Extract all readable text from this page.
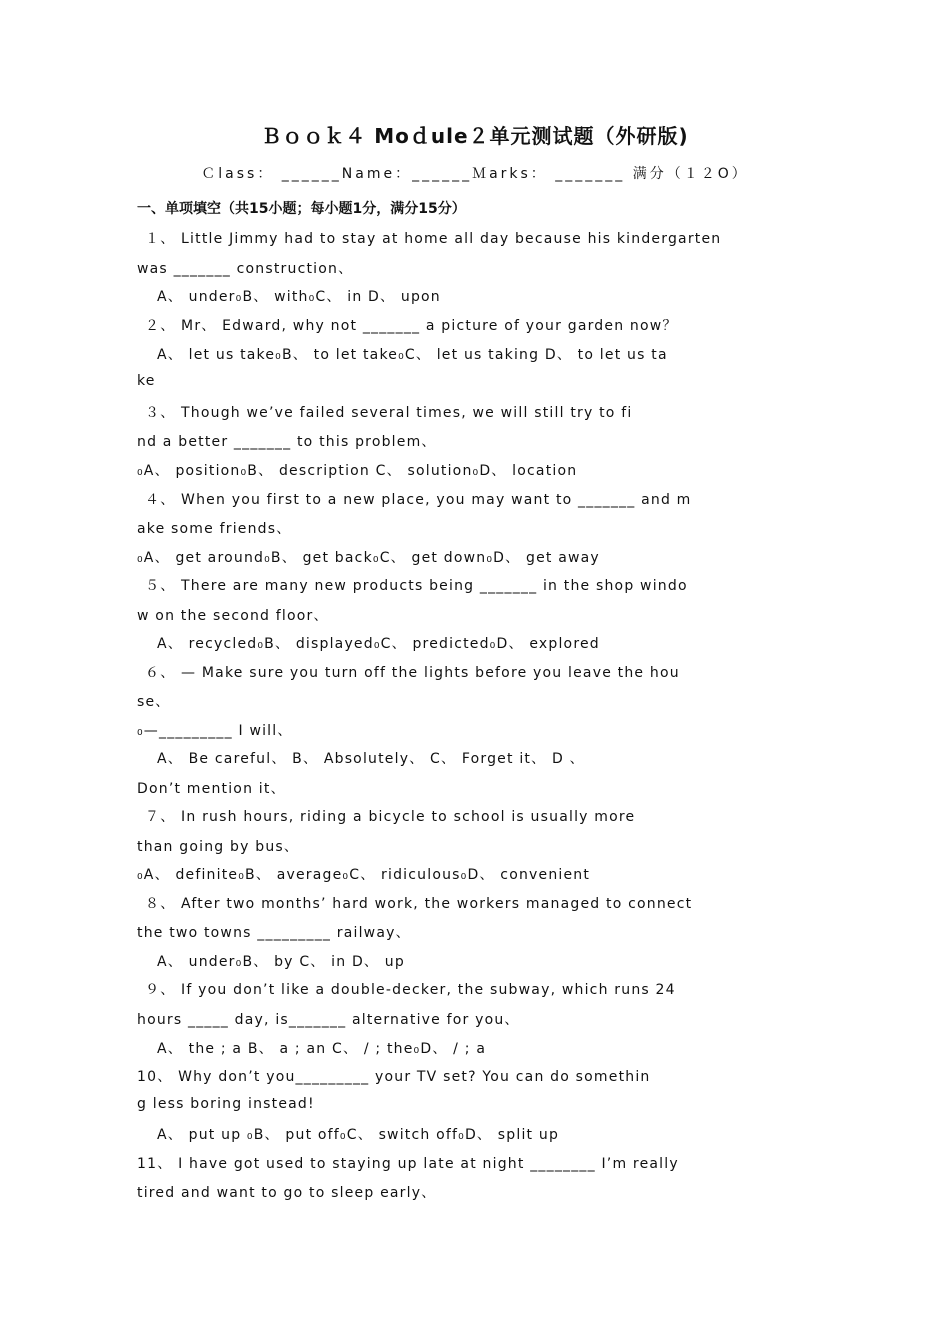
Ｂｏｏｋ４ Moｄule２单元测试题（外研版)
Ｃlass： ______Name：______Ｍarks： _______ 满分（１２O）
一、单项填空（共15小题；每小题1分，满分15分）
１、 Little Jimmy had to stay at home all day because his kindergarten
was _______ construction、
A、 under₀B、 with₀C、 in D、 upon
２、 Mr、 Edward, why not _______ a picture of your garden now？
A、 let us take₀B、 to let take₀C、 let us taking D、 to let us ta
ke
３、 Though we’ve failed several times, we will still try to fi
nd a better _______ to this problem、
₀A、 position₀B、 description C、 solution₀D、 location
４、 When you first to a new place, you may want to _______ and m
ake some friends、
₀A、 get around₀B、 get back₀C、 get down₀D、 get away
５、 There are many new products being _______ in the shop windo
w on the second floor、
A、 recycled₀B、 displayed₀C、 predicted₀D、 explored
６、 — Make sure you turn off the lights before you leave the hou
se、
₀—_________ I will、
A、 Be careful、 B、 Absolutely、 C、 Forget it、 D 、
Don’t mention it、
７、 In rush hours, riding a bicycle to school is usually more
than going by bus、
₀A、 definite₀B、 average₀C、 ridiculous₀D、 convenient
８、 After two months’ hard work, the workers managed to connect
the two towns _________ railway、
A、 under₀B、 by C、 in D、 up
９、 If you don’t like a double-decker, the subway, which runs 24
hours _____ day, is_______ alternative for you、
A、 the ; a B、 a ; an C、 / ; the₀D、 / ; a
10、 Why don’t you_________ your TV set? You can do somethin
g less boring instead!
A、 put up ₀B、 put off₀C、 switch off₀D、 split up
11、 I have got used to staying up late at night ________ I’m really
tired and want to go to sleep early、
